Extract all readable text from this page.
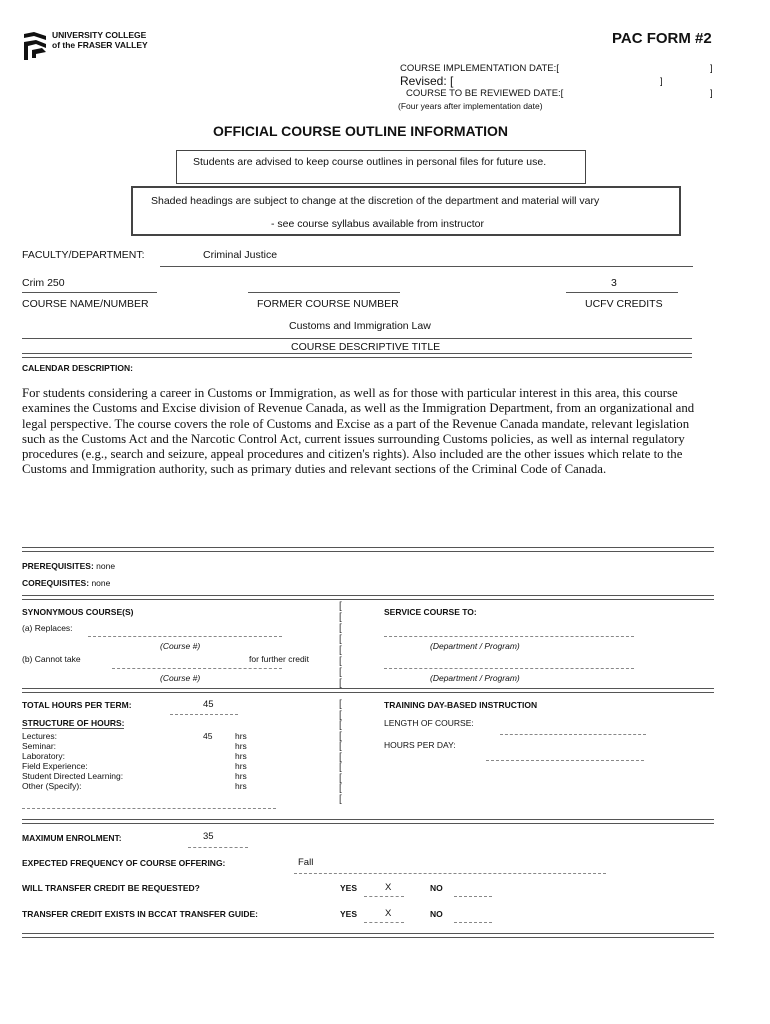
UNIVERSITY COLLEGE
of the FRASER VALLEY	PAC FORM #2
COURSE IMPLEMENTATION DATE:[	]
Revised: [	]
COURSE TO BE REVIEWED DATE:[	]
(Four years after implementation date)
OFFICIAL COURSE OUTLINE INFORMATION
Students are advised to keep course outlines in personal files for future use.
Shaded headings are subject to change at the discretion of the department and material will vary
- see course syllabus available from instructor
FACULTY/DEPARTMENT:	Criminal Justice
Crim 250
COURSE NAME/NUMBER	FORMER COURSE NUMBER
3
UCFV CREDITS
Customs and Immigration Law
COURSE DESCRIPTIVE TITLE
CALENDAR DESCRIPTION:
For students considering a career in Customs or Immigration, as well as for those with particular interest in this area, this course examines the Customs and Excise division of Revenue Canada, as well as the Immigration Department, from an organizational and legal perspective. The course covers the role of Customs and Excise as a part of the Revenue Canada mandate, relevant legislation such as the Customs Act and the Narcotic Control Act, current issues surrounding Customs policies, as well as internal regulatory procedures (e.g., search and seizure, appeal procedures and citizen's rights). Also included are the other issues which relate to the Customs and Immigration authority, such as primary duties and relevant sections of the Criminal Code of Canada.
PREREQUISITES: none
COREQUISITES: none
SYNONYMOUS COURSE(S)
(a) Replaces:
(Course #)
(b) Cannot take	for further credit
(Course #)
[
[
[
[
[
[
[
[
SERVICE COURSE TO:
(Department / Program)
(Department / Program)
TOTAL HOURS PER TERM:	45
STRUCTURE OF HOURS:
Lectures:	45	hrs
Seminar:	hrs
Laboratory:	hrs
Field Experience:	hrs
Student Directed Learning:	hrs
Other (Specify):	hrs
[
[
[
[
[
[
[
[
[
[
TRAINING DAY-BASED INSTRUCTION
LENGTH OF COURSE:
HOURS PER DAY:
MAXIMUM ENROLMENT:	35
EXPECTED FREQUENCY OF COURSE OFFERING:	Fall
WILL TRANSFER CREDIT BE REQUESTED?	YES	X	NO
TRANSFER CREDIT EXISTS IN BCCAT TRANSFER GUIDE:	YES	X	NO
